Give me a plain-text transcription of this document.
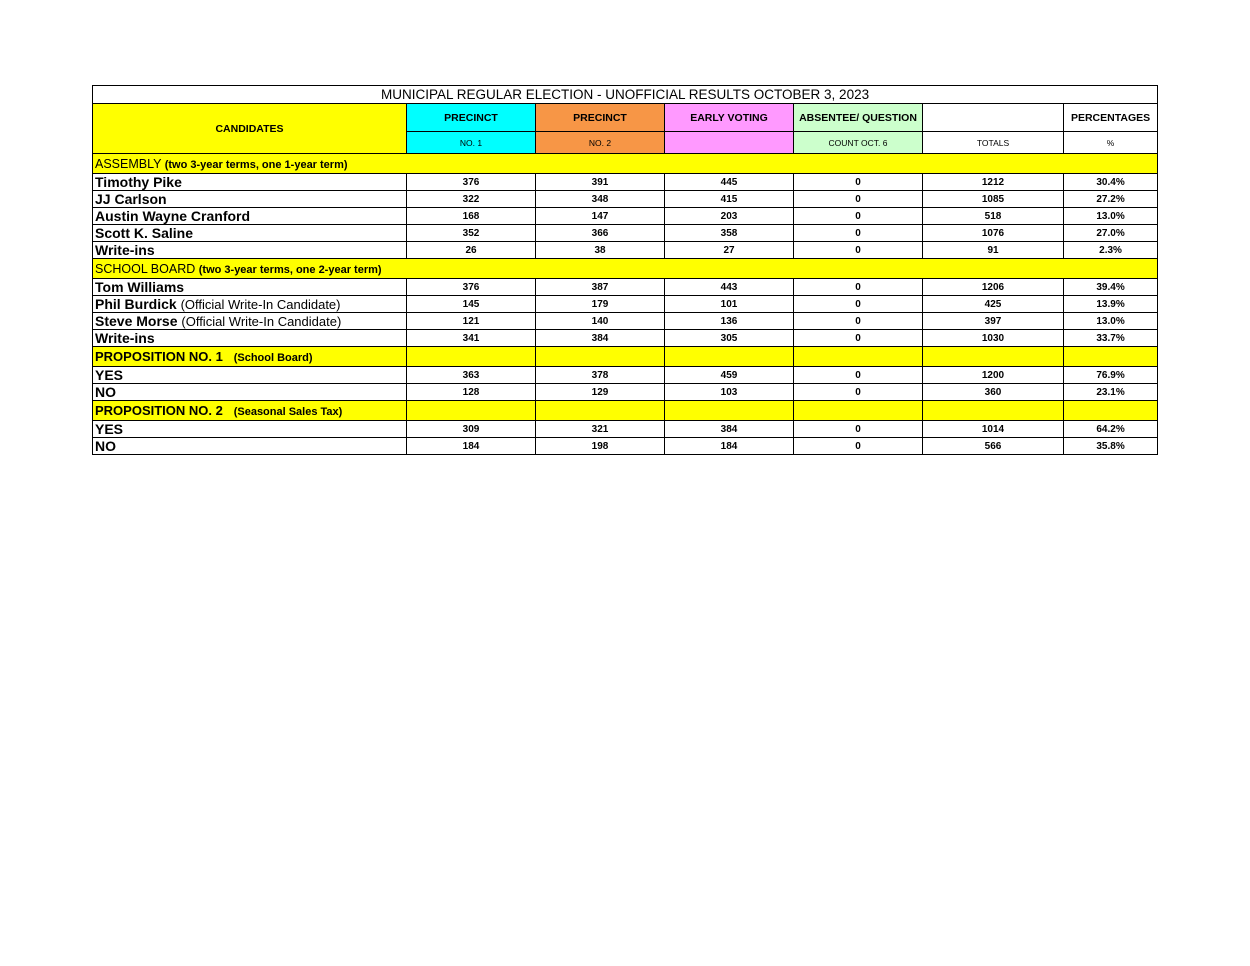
MUNICIPAL REGULAR ELECTION - UNOFFICIAL RESULTS OCTOBER 3, 2023						
CANDIDATES	PRECINCT	PRECINCT	EARLY VOTING	ABSENTEE/ QUESTION		PERCENTAGES
	NO. 1	NO. 2		COUNT OCT. 6	TOTALS	%
ASSEMBLY (two 3-year terms, one 1-year term)						
Timothy Pike	376	391	445	0	1212	30.4%
JJ Carlson	322	348	415	0	1085	27.2%
Austin Wayne Cranford	168	147	203	0	518	13.0%
Scott K. Saline	352	366	358	0	1076	27.0%
Write-ins	26	38	27	0	91	2.3%
SCHOOL BOARD (two 3-year terms, one 2-year term)						
Tom Williams	376	387	443	0	1206	39.4%
Phil Burdick (Official Write-In Candidate)	145	179	101	0	425	13.9%
Steve Morse (Official Write-In Candidate)	121	140	136	0	397	13.0%
Write-ins	341	384	305	0	1030	33.7%
PROPOSITION NO. 1 (School Board)						
YES	363	378	459	0	1200	76.9%
NO	128	129	103	0	360	23.1%
PROPOSITION NO. 2 (Seasonal Sales Tax)						
YES	309	321	384	0	1014	64.2%
NO	184	198	184	0	566	35.8%
